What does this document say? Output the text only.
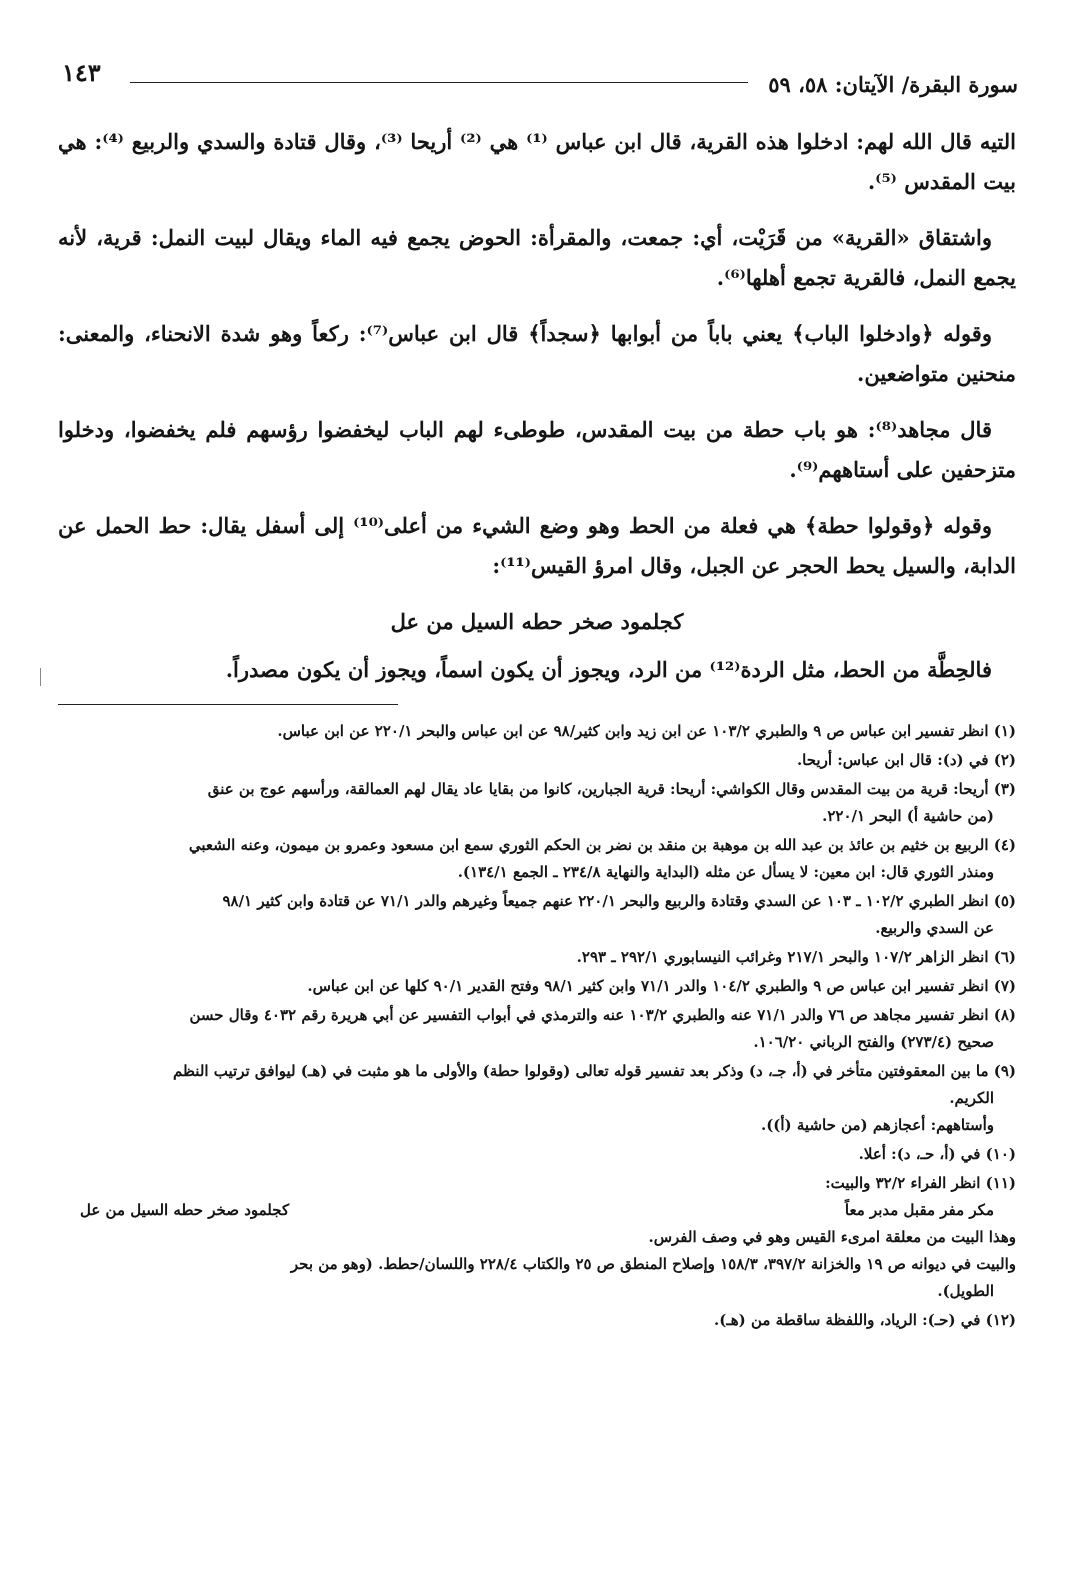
سورة البقرة/ الآيتان: ٥٨، ٥٩
١٤٣

التيه قال الله لهم: ادخلوا هذه القرية، قال ابن عباس ⁽¹⁾ هي ⁽²⁾ أريحا ⁽³⁾، وقال قتادة والسدي والربيع ⁽⁴⁾: هي بيت المقدس ⁽⁵⁾.

واشتقاق «القرية» من قَرَيْت، أي: جمعت، والمقرأة: الحوض يجمع فيه الماء ويقال لبيت النمل: قرية، لأنه يجمع النمل، فالقرية تجمع أهلها⁽⁶⁾.

وقوله ﴿وادخلوا الباب﴾ يعني باباً من أبوابها ﴿سجداً﴾ قال ابن عباس⁽⁷⁾: ركعاً وهو شدة الانحناء، والمعنى: منحنين متواضعين.

قال مجاهد⁽⁸⁾: هو باب حطة من بيت المقدس، طوطىء لهم الباب ليخفضوا رؤسهم فلم يخفضوا، ودخلوا متزحفين على أستاههم⁽⁹⁾.

وقوله ﴿وقولوا حطة﴾ هي فعلة من الحط وهو وضع الشيء من أعلى⁽¹⁰⁾ إلى أسفل يقال: حط الحمل عن الدابة، والسيل يحط الحجر عن الجبل، وقال امرؤ القيس⁽¹¹⁾:

كجلمود صخر حطه السيل من عل

فالحِطَّة من الحط، مثل الردة⁽¹²⁾ من الرد، ويجوز أن يكون اسماً، ويجوز أن يكون مصدراً.

(١) انظر تفسير ابن عباس ص ٩ والطبري ١٠٣/٢ عن ابن زيد وابن كثير/٩٨ عن ابن عباس والبحر ٢٢٠/١ عن ابن عباس.
(٢) في (د): قال ابن عباس: أريحا.
(٣) أريحا: قرية من بيت المقدس وقال الكواشي: أريحا: قرية الجبارين، كانوا من بقايا عاد يقال لهم العمالقة، ورأسهم عوج بن عنق
(من حاشية أ) البحر ٢٢٠/١.
(٤) الربيع بن خثيم بن عائذ بن عبد الله بن موهبة بن منقد بن نضر بن الحكم الثوري سمع ابن مسعود وعمرو بن ميمون، وعنه الشعبي
ومنذر الثوري قال: ابن معين: لا يسأل عن مثله (البداية والنهاية ٢٣٤/٨ ـ الجمع ١٣٤/١).
(٥) انظر الطبري ١٠٢/٢ ـ ١٠٣ عن السدي وقتادة والربيع والبحر ٢٢٠/١ عنهم جميعاً وغيرهم والدر ٧١/١ عن قتادة وابن كثير ٩٨/١
عن السدي والربيع.
(٦) انظر الزاهر ١٠٧/٢ والبحر ٢١٧/١ وغرائب النيسابوري ٢٩٢/١ ـ ٢٩٣.
(٧) انظر تفسير ابن عباس ص ٩ والطبري ١٠٤/٢ والدر ٧١/١ وابن كثير ٩٨/١ وفتح القدير ٩٠/١ كلها عن ابن عباس.
(٨) انظر تفسير مجاهد ص ٧٦ والدر ٧١/١ عنه والطبري ١٠٣/٢ عنه والترمذي في أبواب التفسير عن أبي هريرة رقم ٤٠٣٢ وقال حسن
صحيح (٢٧٣/٤) والفتح الرباني ١٠٦/٢٠.
(٩) ما بين المعقوفتين متأخر في (أ، جـ، د) وذكر بعد تفسير قوله تعالى (وقولوا حطة) والأولى ما هو مثبت في (هـ) ليوافق ترتيب النظم
الكريم.
وأستاههم: أعجازهم (من حاشية (أ)).
(١٠) في (أ، حـ، د): أعلا.
(١١) انظر الفراء ٣٢/٢ والبيت:
مكر مفر مقبل مدبر معاً
كجلمود صخر حطه السيل من عل
وهذا البيت من معلقة امرىء القيس وهو في وصف الفرس.
والبيت في ديوانه ص ١٩ والخزانة ٣٩٧/٢، ١٥٨/٣ وإصلاح المنطق ص ٢٥ والكتاب ٢٢٨/٤ واللسان/حطط. (وهو من بحر
الطويل).
(١٢) في (حـ): الرياد، واللفظة ساقطة من (هـ).
